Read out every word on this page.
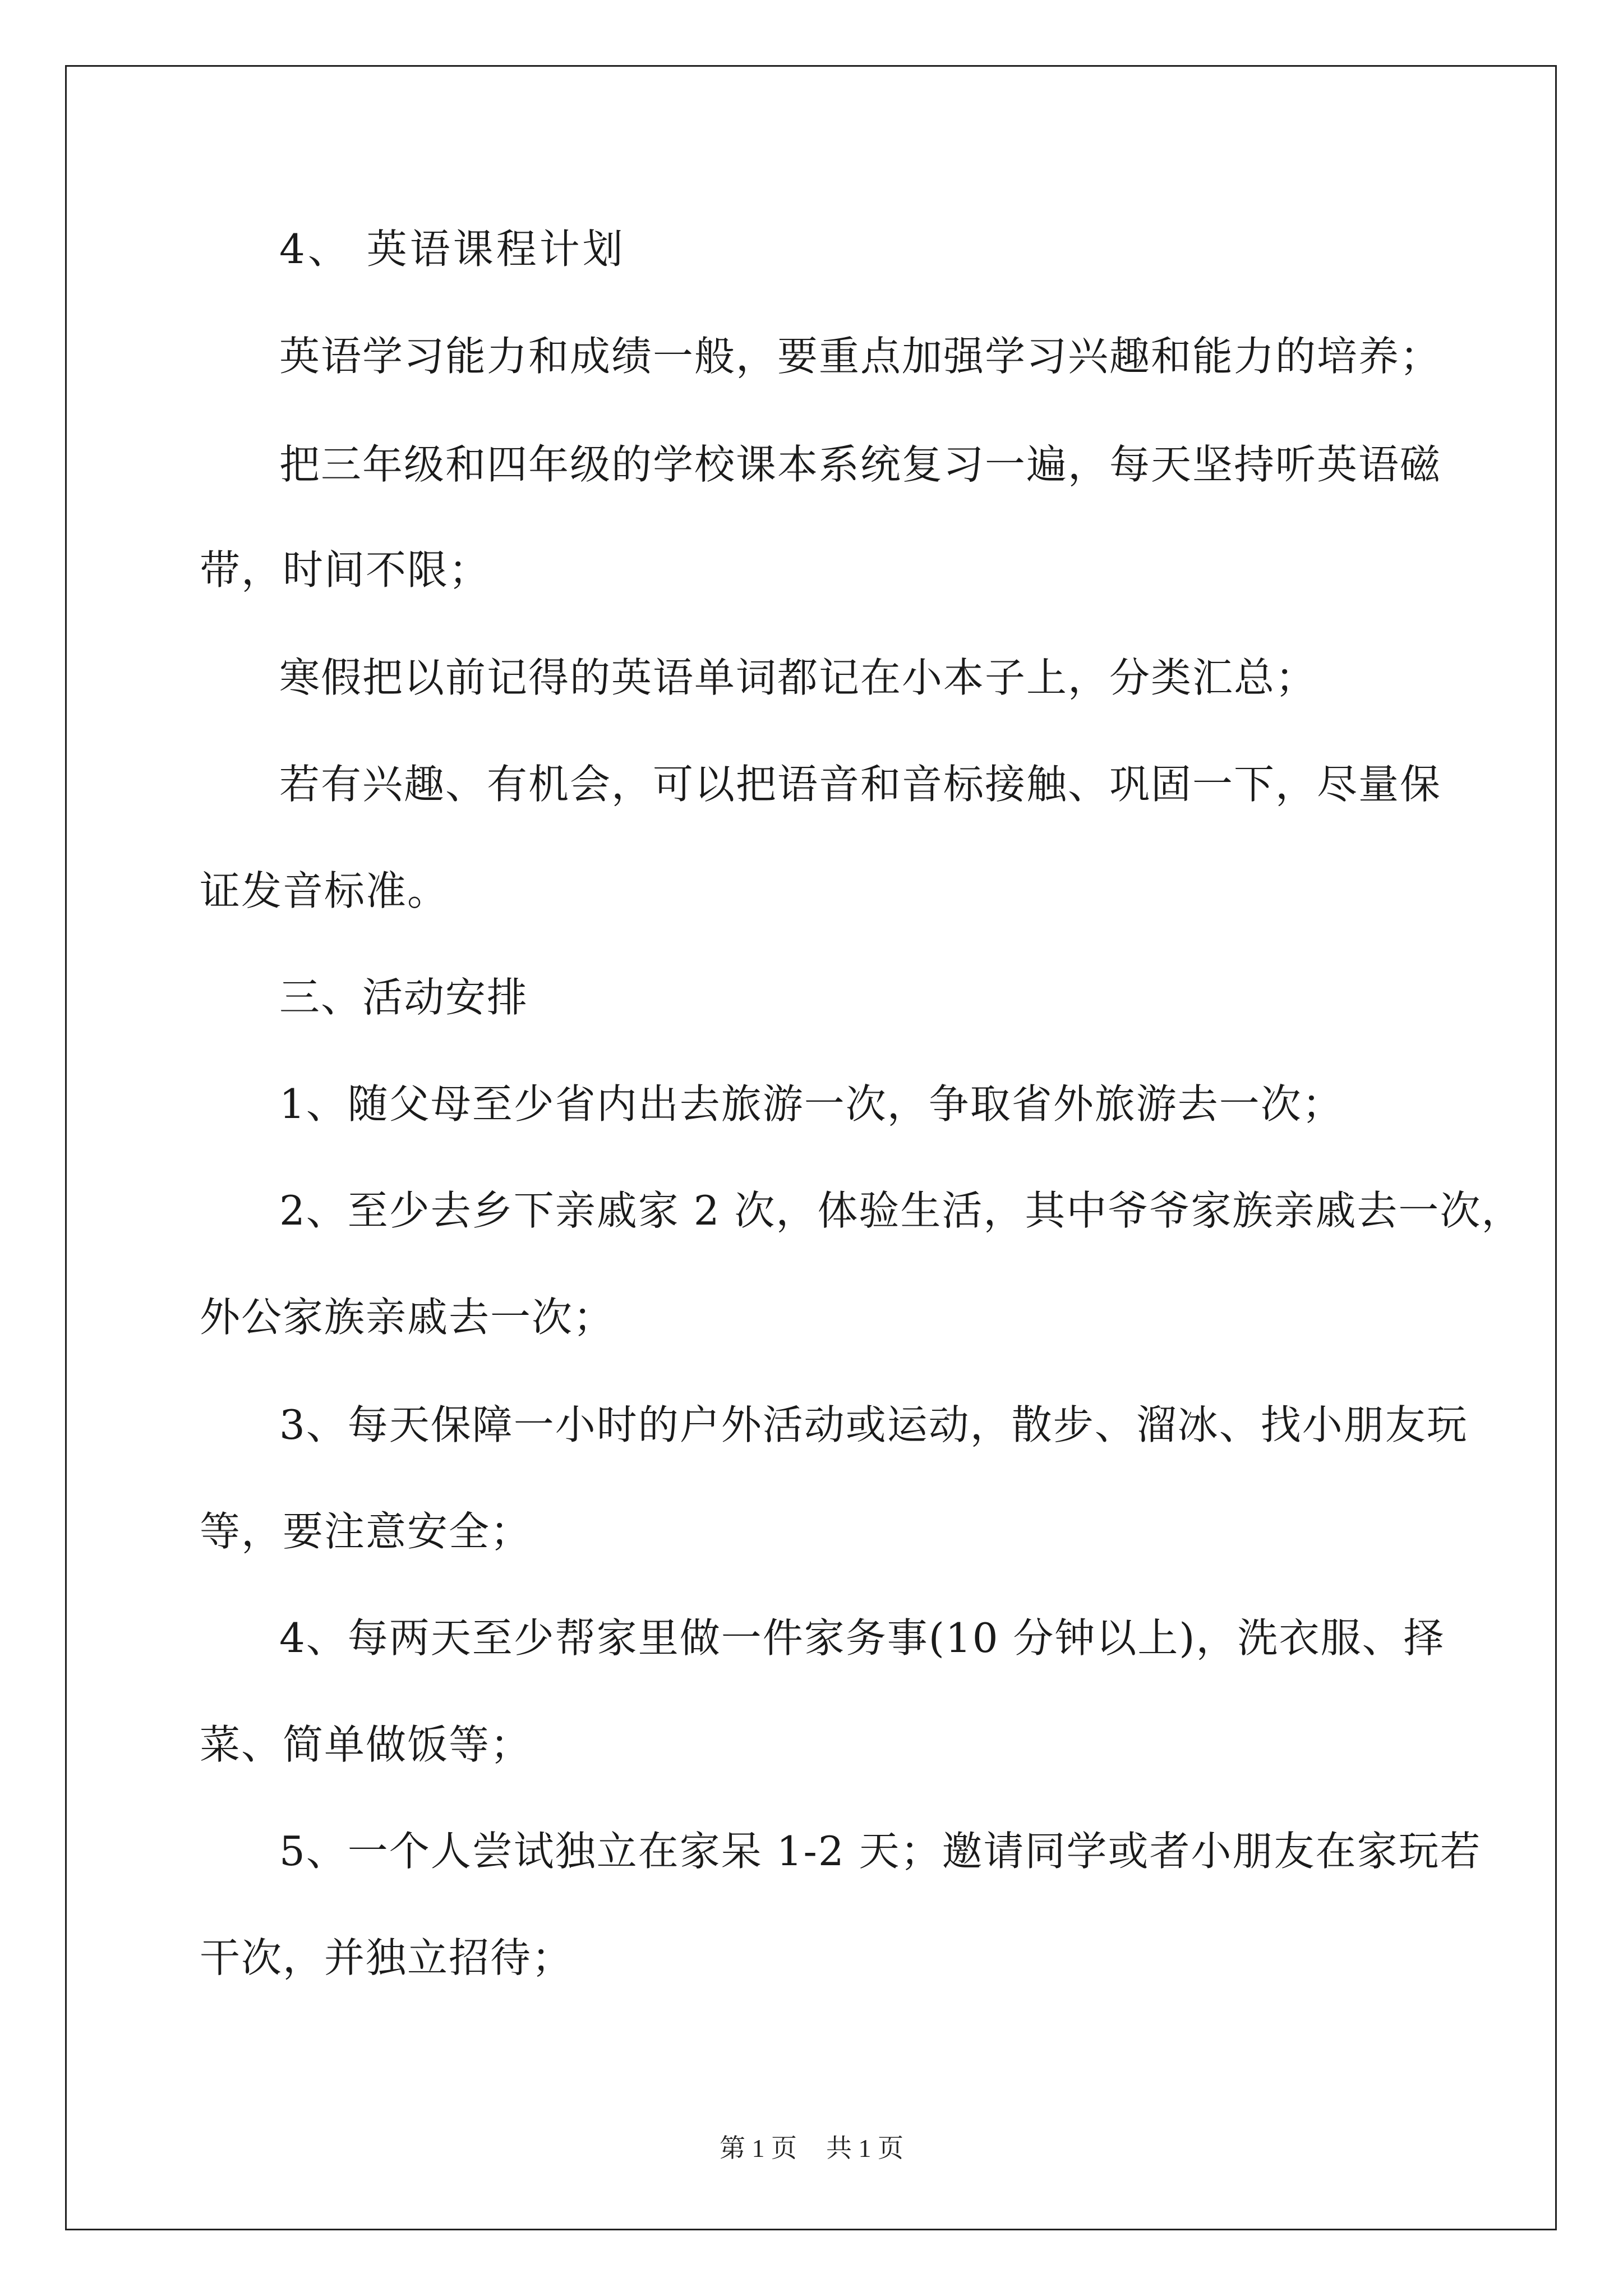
4、 英语课程计划
英语学习能力和成绩一般，要重点加强学习兴趣和能力的培养；
把三年级和四年级的学校课本系统复习一遍，每天坚持听英语磁
带，时间不限；
寒假把以前记得的英语单词都记在小本子上，分类汇总；
若有兴趣、有机会，可以把语音和音标接触、巩固一下，尽量保
证发音标准。
三、活动安排
1、随父母至少省内出去旅游一次，争取省外旅游去一次；
2、至少去乡下亲戚家 2 次，体验生活，其中爷爷家族亲戚去一次，
外公家族亲戚去一次；
3、每天保障一小时的户外活动或运动，散步、溜冰、找小朋友玩
等，要注意安全；
4、每两天至少帮家里做一件家务事(10 分钟以上)，洗衣服、择
菜、简单做饭等；
5、一个人尝试独立在家呆 1-2 天；邀请同学或者小朋友在家玩若
干次，并独立招待；
第 1 页 共 1 页
